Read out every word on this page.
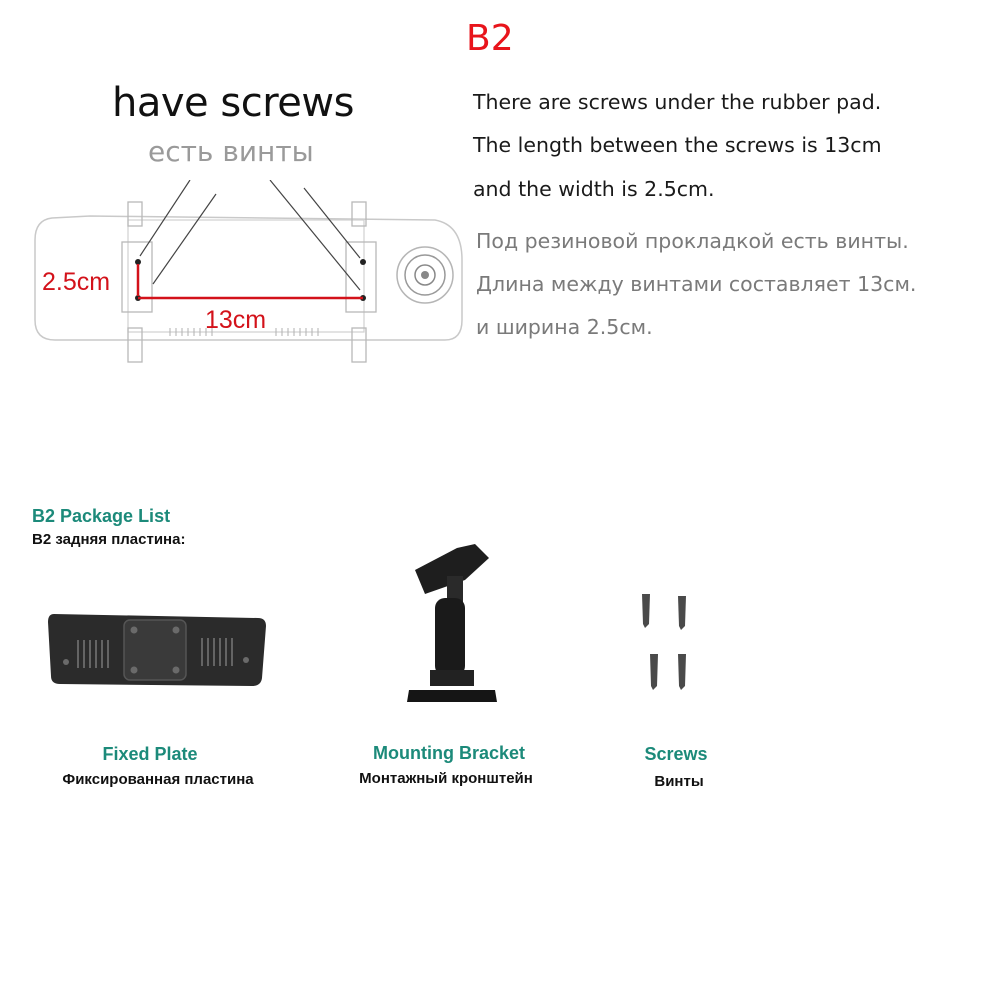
B2
have screws
есть винты
There are screws under the rubber pad.
The length between the screws is 13cm
and the width is 2.5cm.
Под резиновой прокладкой есть винты.
Длина между винтами составляет 13см.
и ширина 2.5см.
2.5cm
13cm
B2 Package List
B2 задняя пластина:
Fixed Plate
Фиксированная пластина
Mounting Bracket
Монтажный кронштейн
Screws
Винты
